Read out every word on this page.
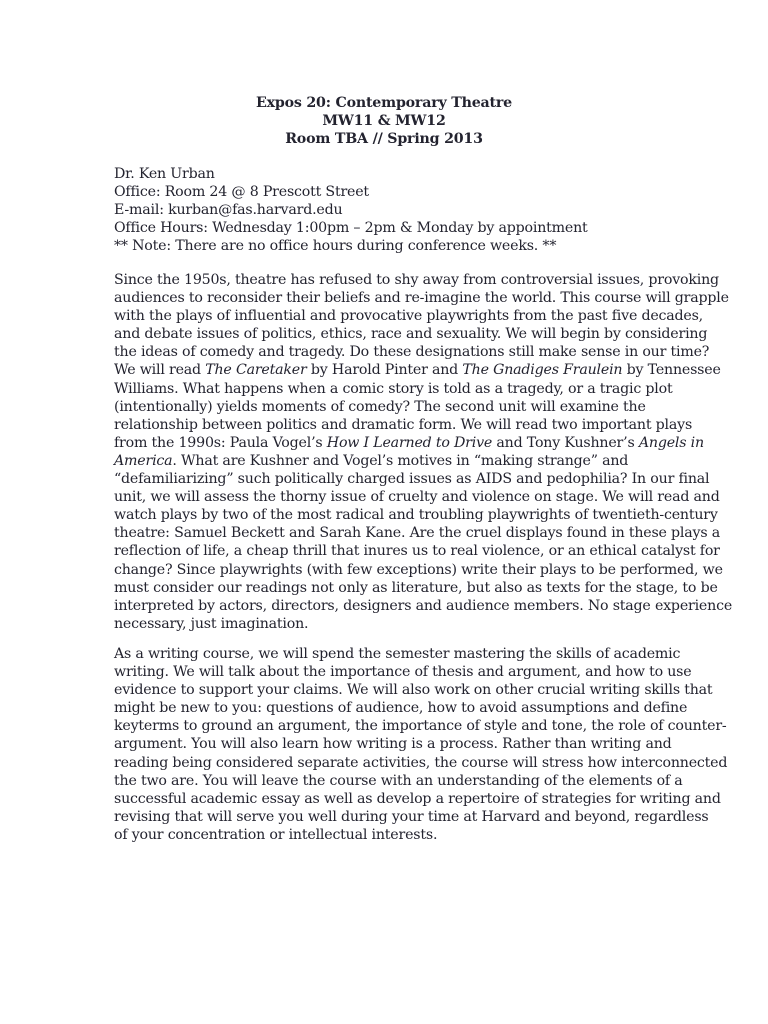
Expos 20: Contemporary Theatre
MW11 & MW12
Room TBA // Spring 2013
Dr. Ken Urban
Office: Room 24 @ 8 Prescott Street
E-mail: kurban@fas.harvard.edu
Office Hours: Wednesday 1:00pm – 2pm & Monday by appointment
** Note: There are no office hours during conference weeks. **
Since the 1950s, theatre has refused to shy away from controversial issues, provoking
audiences to reconsider their beliefs and re-imagine the world. This course will grapple
with the plays of influential and provocative playwrights from the past five decades,
and debate issues of politics, ethics, race and sexuality. We will begin by considering
the ideas of comedy and tragedy. Do these designations still make sense in our time?
We will read The Caretaker by Harold Pinter and The Gnadiges Fraulein by Tennessee
Williams. What happens when a comic story is told as a tragedy, or a tragic plot
(intentionally) yields moments of comedy? The second unit will examine the
relationship between politics and dramatic form. We will read two important plays
from the 1990s: Paula Vogel’s How I Learned to Drive and Tony Kushner’s Angels in
America. What are Kushner and Vogel’s motives in “making strange” and
“defamiliarizing” such politically charged issues as AIDS and pedophilia? In our final
unit, we will assess the thorny issue of cruelty and violence on stage. We will read and
watch plays by two of the most radical and troubling playwrights of twentieth-century
theatre: Samuel Beckett and Sarah Kane. Are the cruel displays found in these plays a
reflection of life, a cheap thrill that inures us to real violence, or an ethical catalyst for
change? Since playwrights (with few exceptions) write their plays to be performed, we
must consider our readings not only as literature, but also as texts for the stage, to be
interpreted by actors, directors, designers and audience members. No stage experience
necessary, just imagination.
As a writing course, we will spend the semester mastering the skills of academic
writing. We will talk about the importance of thesis and argument, and how to use
evidence to support your claims. We will also work on other crucial writing skills that
might be new to you: questions of audience, how to avoid assumptions and define
keyterms to ground an argument, the importance of style and tone, the role of counter-
argument. You will also learn how writing is a process. Rather than writing and
reading being considered separate activities, the course will stress how interconnected
the two are. You will leave the course with an understanding of the elements of a
successful academic essay as well as develop a repertoire of strategies for writing and
revising that will serve you well during your time at Harvard and beyond, regardless
of your concentration or intellectual interests.
